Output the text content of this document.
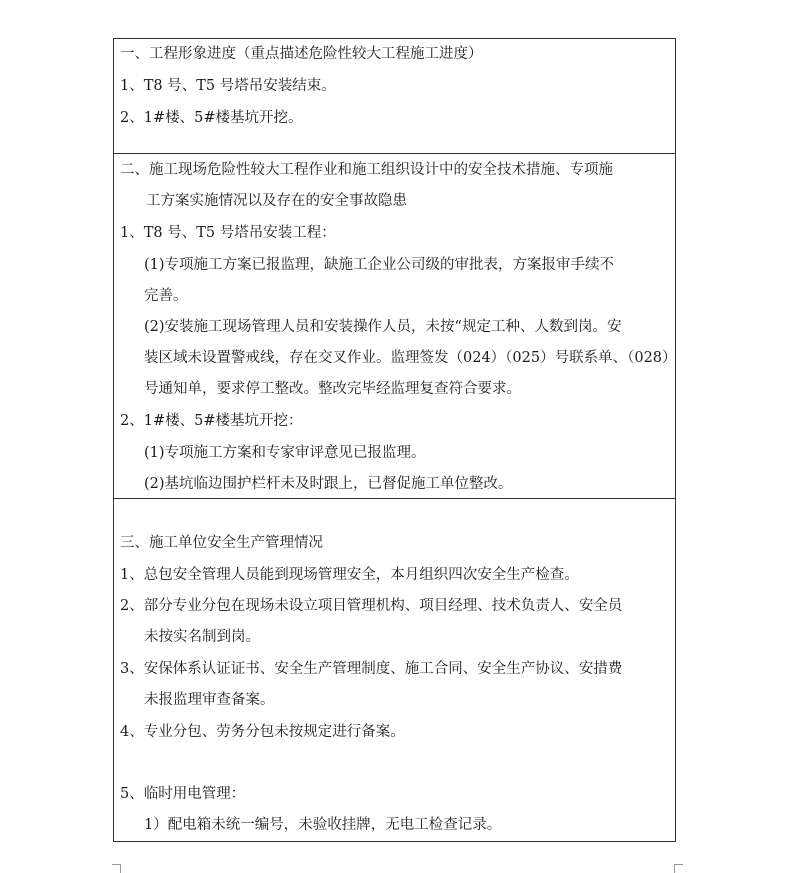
一、工程形象进度（重点描述危险性较大工程施工进度）
1、T8 号、T5 号塔吊安装结束。
2、1#楼、5#楼基坑开挖。
二、施工现场危险性较大工程作业和施工组织设计中的安全技术措施、专项施
工方案实施情况以及存在的安全事故隐患
1、T8 号、T5 号塔吊安装工程：
(1)专项施工方案已报监理，缺施工企业公司级的审批表，方案报审手续不
完善。
(2)安装施工现场管理人员和安装操作人员，未按“规定工种、人数到岗。安
装区域未设置警戒线，存在交叉作业。监理签发（024）（025）号联系单、（028）
号通知单，要求停工整改。整改完毕经监理复查符合要求。
2、1#楼、5#楼基坑开挖：
(1)专项施工方案和专家审评意见已报监理。
(2)基坑临边围护栏杆未及时跟上，已督促施工单位整改。
三、施工单位安全生产管理情况
1、总包安全管理人员能到现场管理安全，本月组织四次安全生产检查。
2、部分专业分包在现场未设立项目管理机构、项目经理、技术负责人、安全员
未按实名制到岗。
3、安保体系认证证书、安全生产管理制度、施工合同、安全生产协议、安措费
未报监理审查备案。
4、专业分包、劳务分包未按规定进行备案。
5、临时用电管理：
1）配电箱未统一编号，未验收挂牌，无电工检查记录。
